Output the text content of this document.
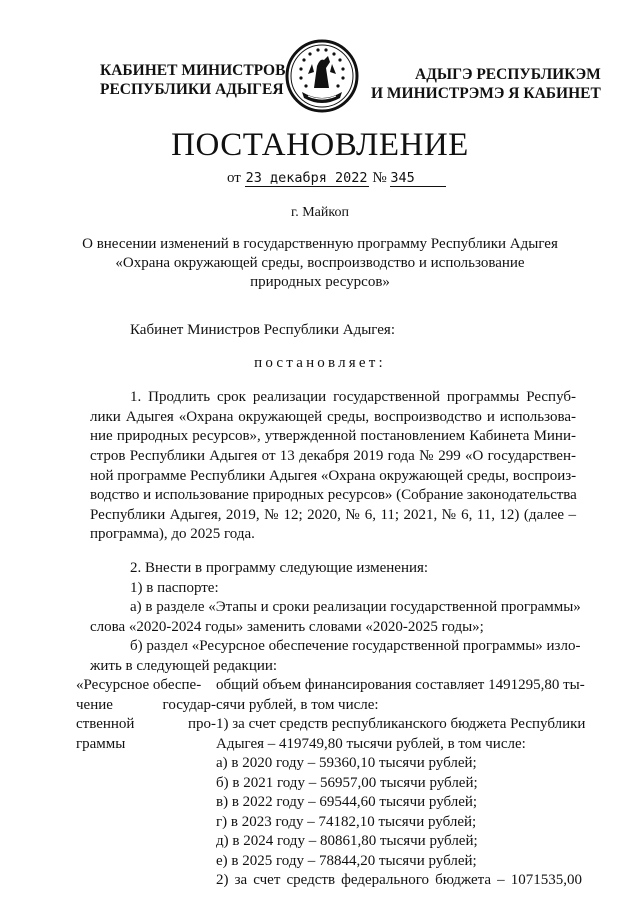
КАБИНЕТ МИНИСТРОВ
РЕСПУБЛИКИ АДЫГЕЯ
АДЫГЭ РЕСПУБЛИКЭМ
И МИНИСТРЭМЭ Я КАБИНЕТ
ПОСТАНОВЛЕНИЕ
от 23 декабря 2022 № 345
г. Майкоп
О внесении изменений в государственную программу Республики Адыгея
«Охрана окружающей среды, воспроизводство и использование
природных ресурсов»
Кабинет Министров Республики Адыгея:
постановляет:
1. Продлить срок реализации государственной программы Респуб-
лики Адыгея «Охрана окружающей среды, воспроизводство и использова-
ние природных ресурсов», утвержденной постановлением Кабинета Мини-
стров Республики Адыгея от 13 декабря 2019 года № 299 «О государствен-
ной программе Республики Адыгея «Охрана окружающей среды, воспроиз-
водство и использование природных ресурсов» (Собрание законодательства
Республики Адыгея, 2019, № 12; 2020, № 6, 11; 2021, № 6, 11, 12) (далее –
программа), до 2025 года.
2. Внести в программу следующие изменения:
1) в паспорте:
а) в разделе «Этапы и сроки реализации государственной программы»
слова «2020-2024 годы» заменить словами «2020-2025 годы»;
б) раздел «Ресурсное обеспечение государственной программы» изло-
жить в следующей редакции:
«Ресурсное обеспе-
чение государ-
ственной про-
граммы
общий объем финансирования составляет 1491295,80 ты-
сячи рублей, в том числе:
1) за счет средств республиканского бюджета Республики
Адыгея – 419749,80 тысячи рублей, в том числе:
а) в 2020 году – 59360,10 тысячи рублей;
б) в 2021 году – 56957,00 тысячи рублей;
в) в 2022 году – 69544,60 тысячи рублей;
г) в 2023 году – 74182,10 тысячи рублей;
д) в 2024 году – 80861,80 тысячи рублей;
е) в 2025 году – 78844,20 тысячи рублей;
2) за счет средств федерального бюджета – 1071535,00
